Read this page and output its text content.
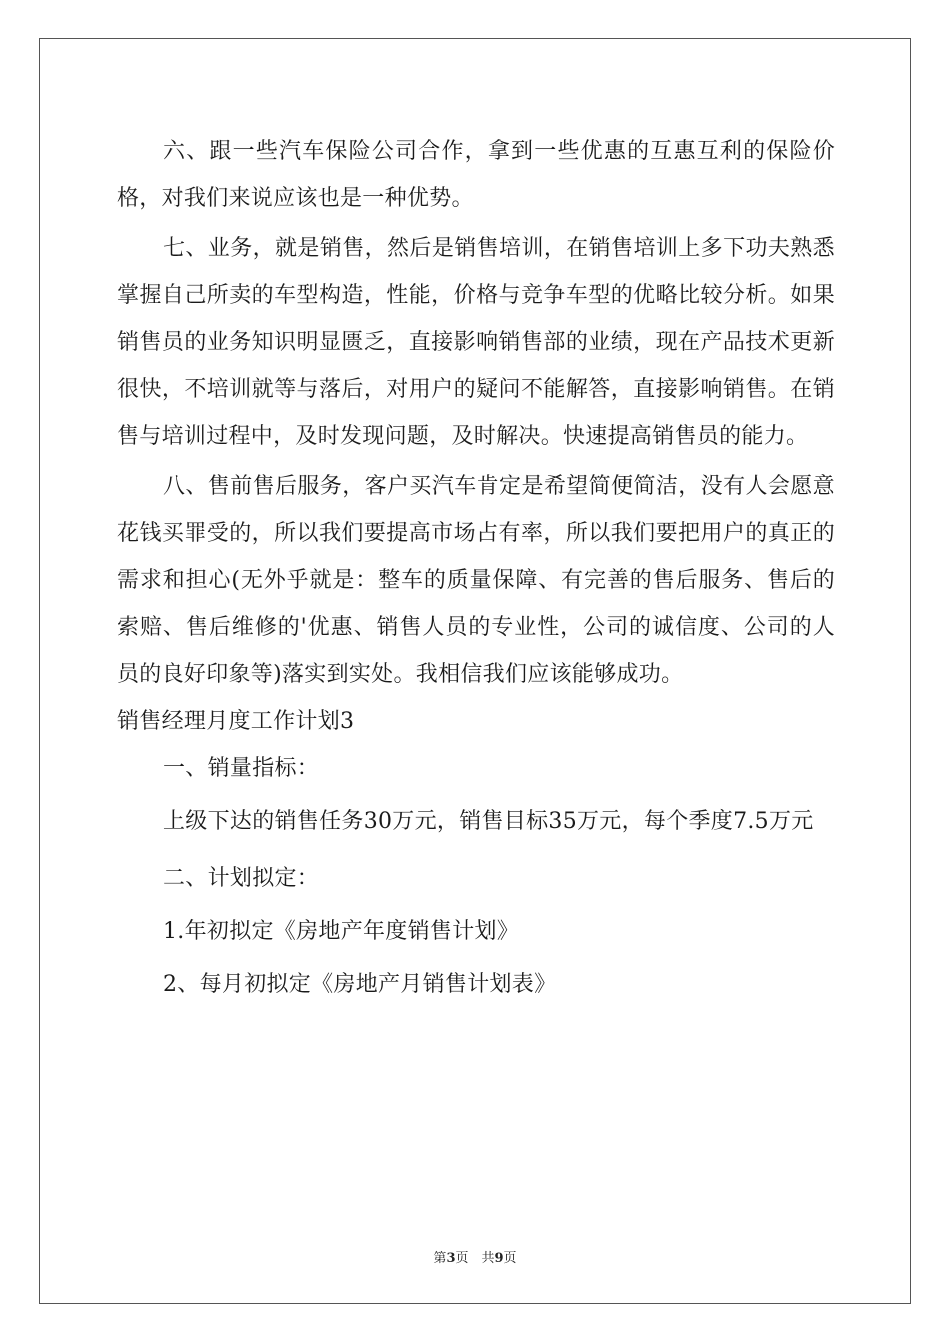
六、跟一些汽车保险公司合作，拿到一些优惠的互惠互利的保险价格，对我们来说应该也是一种优势。

七、业务，就是销售，然后是销售培训，在销售培训上多下功夫熟悉掌握自己所卖的车型构造，性能，价格与竞争车型的优略比较分析。如果销售员的业务知识明显匮乏，直接影响销售部的业绩，现在产品技术更新很快，不培训就等与落后，对用户的疑问不能解答，直接影响销售。在销售与培训过程中，及时发现问题，及时解决。快速提高销售员的能力。

八、售前售后服务，客户买汽车肯定是希望简便简洁，没有人会愿意花钱买罪受的，所以我们要提高市场占有率，所以我们要把用户的真正的需求和担心(无外乎就是：整车的质量保障、有完善的售后服务、售后的索赔、售后维修的'优惠、销售人员的专业性，公司的诚信度、公司的人员的良好印象等)落实到实处。我相信我们应该能够成功。

销售经理月度工作计划3

一、销量指标：

上级下达的销售任务30万元，销售目标35万元，每个季度7.5万元

二、计划拟定：

1.年初拟定《房地产年度销售计划》

2、每月初拟定《房地产月销售计划表》

第3页　共9页
